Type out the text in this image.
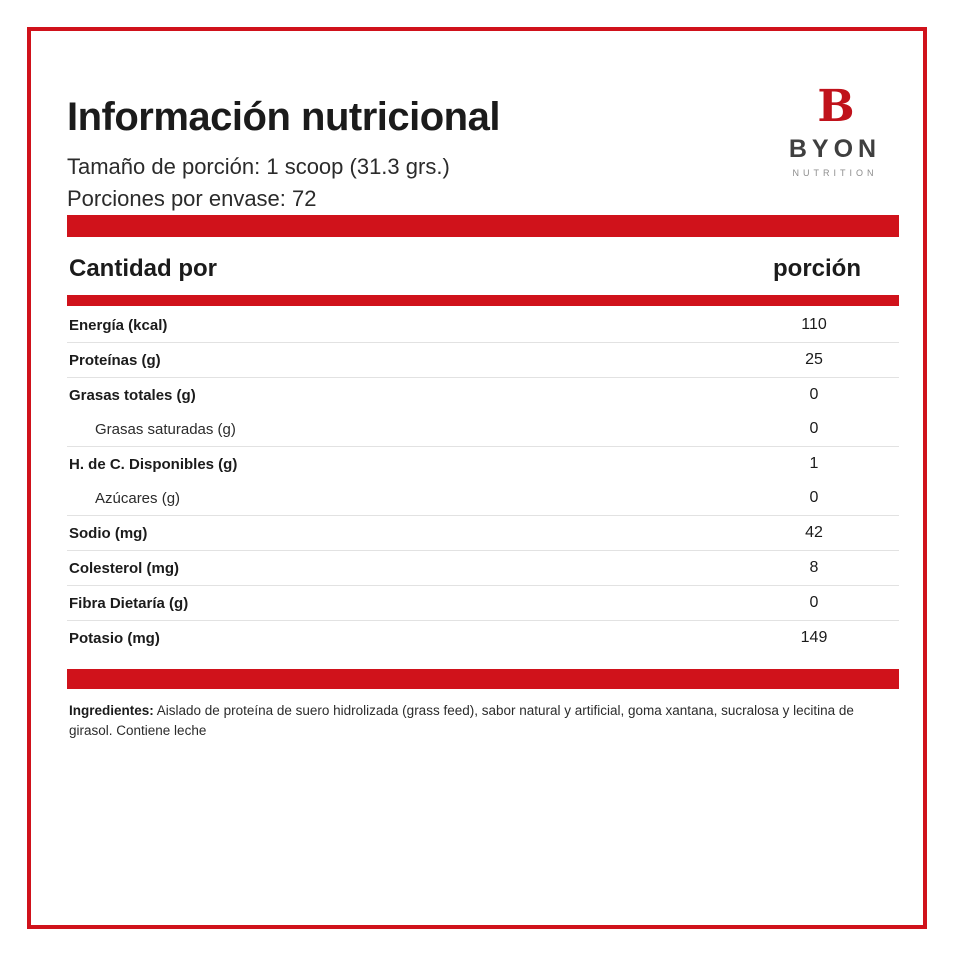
Información nutricional
Tamaño de porción: 1 scoop (31.3 grs.)
Porciones por envase: 72
B
BYON
NUTRITION
Cantidad por	porción
Energía (kcal)	110
Proteínas (g)	25
Grasas totales (g)	0
Grasas saturadas (g)	0
H. de C. Disponibles (g)	1
Azúcares (g)	0
Sodio (mg)	42
Colesterol (mg)	8
Fibra Dietaría (g)	0
Potasio (mg)	149
Ingredientes: Aislado de proteína de suero hidrolizada (grass feed), sabor natural y artificial, goma xantana, sucralosa y lecitina de girasol. Contiene leche
